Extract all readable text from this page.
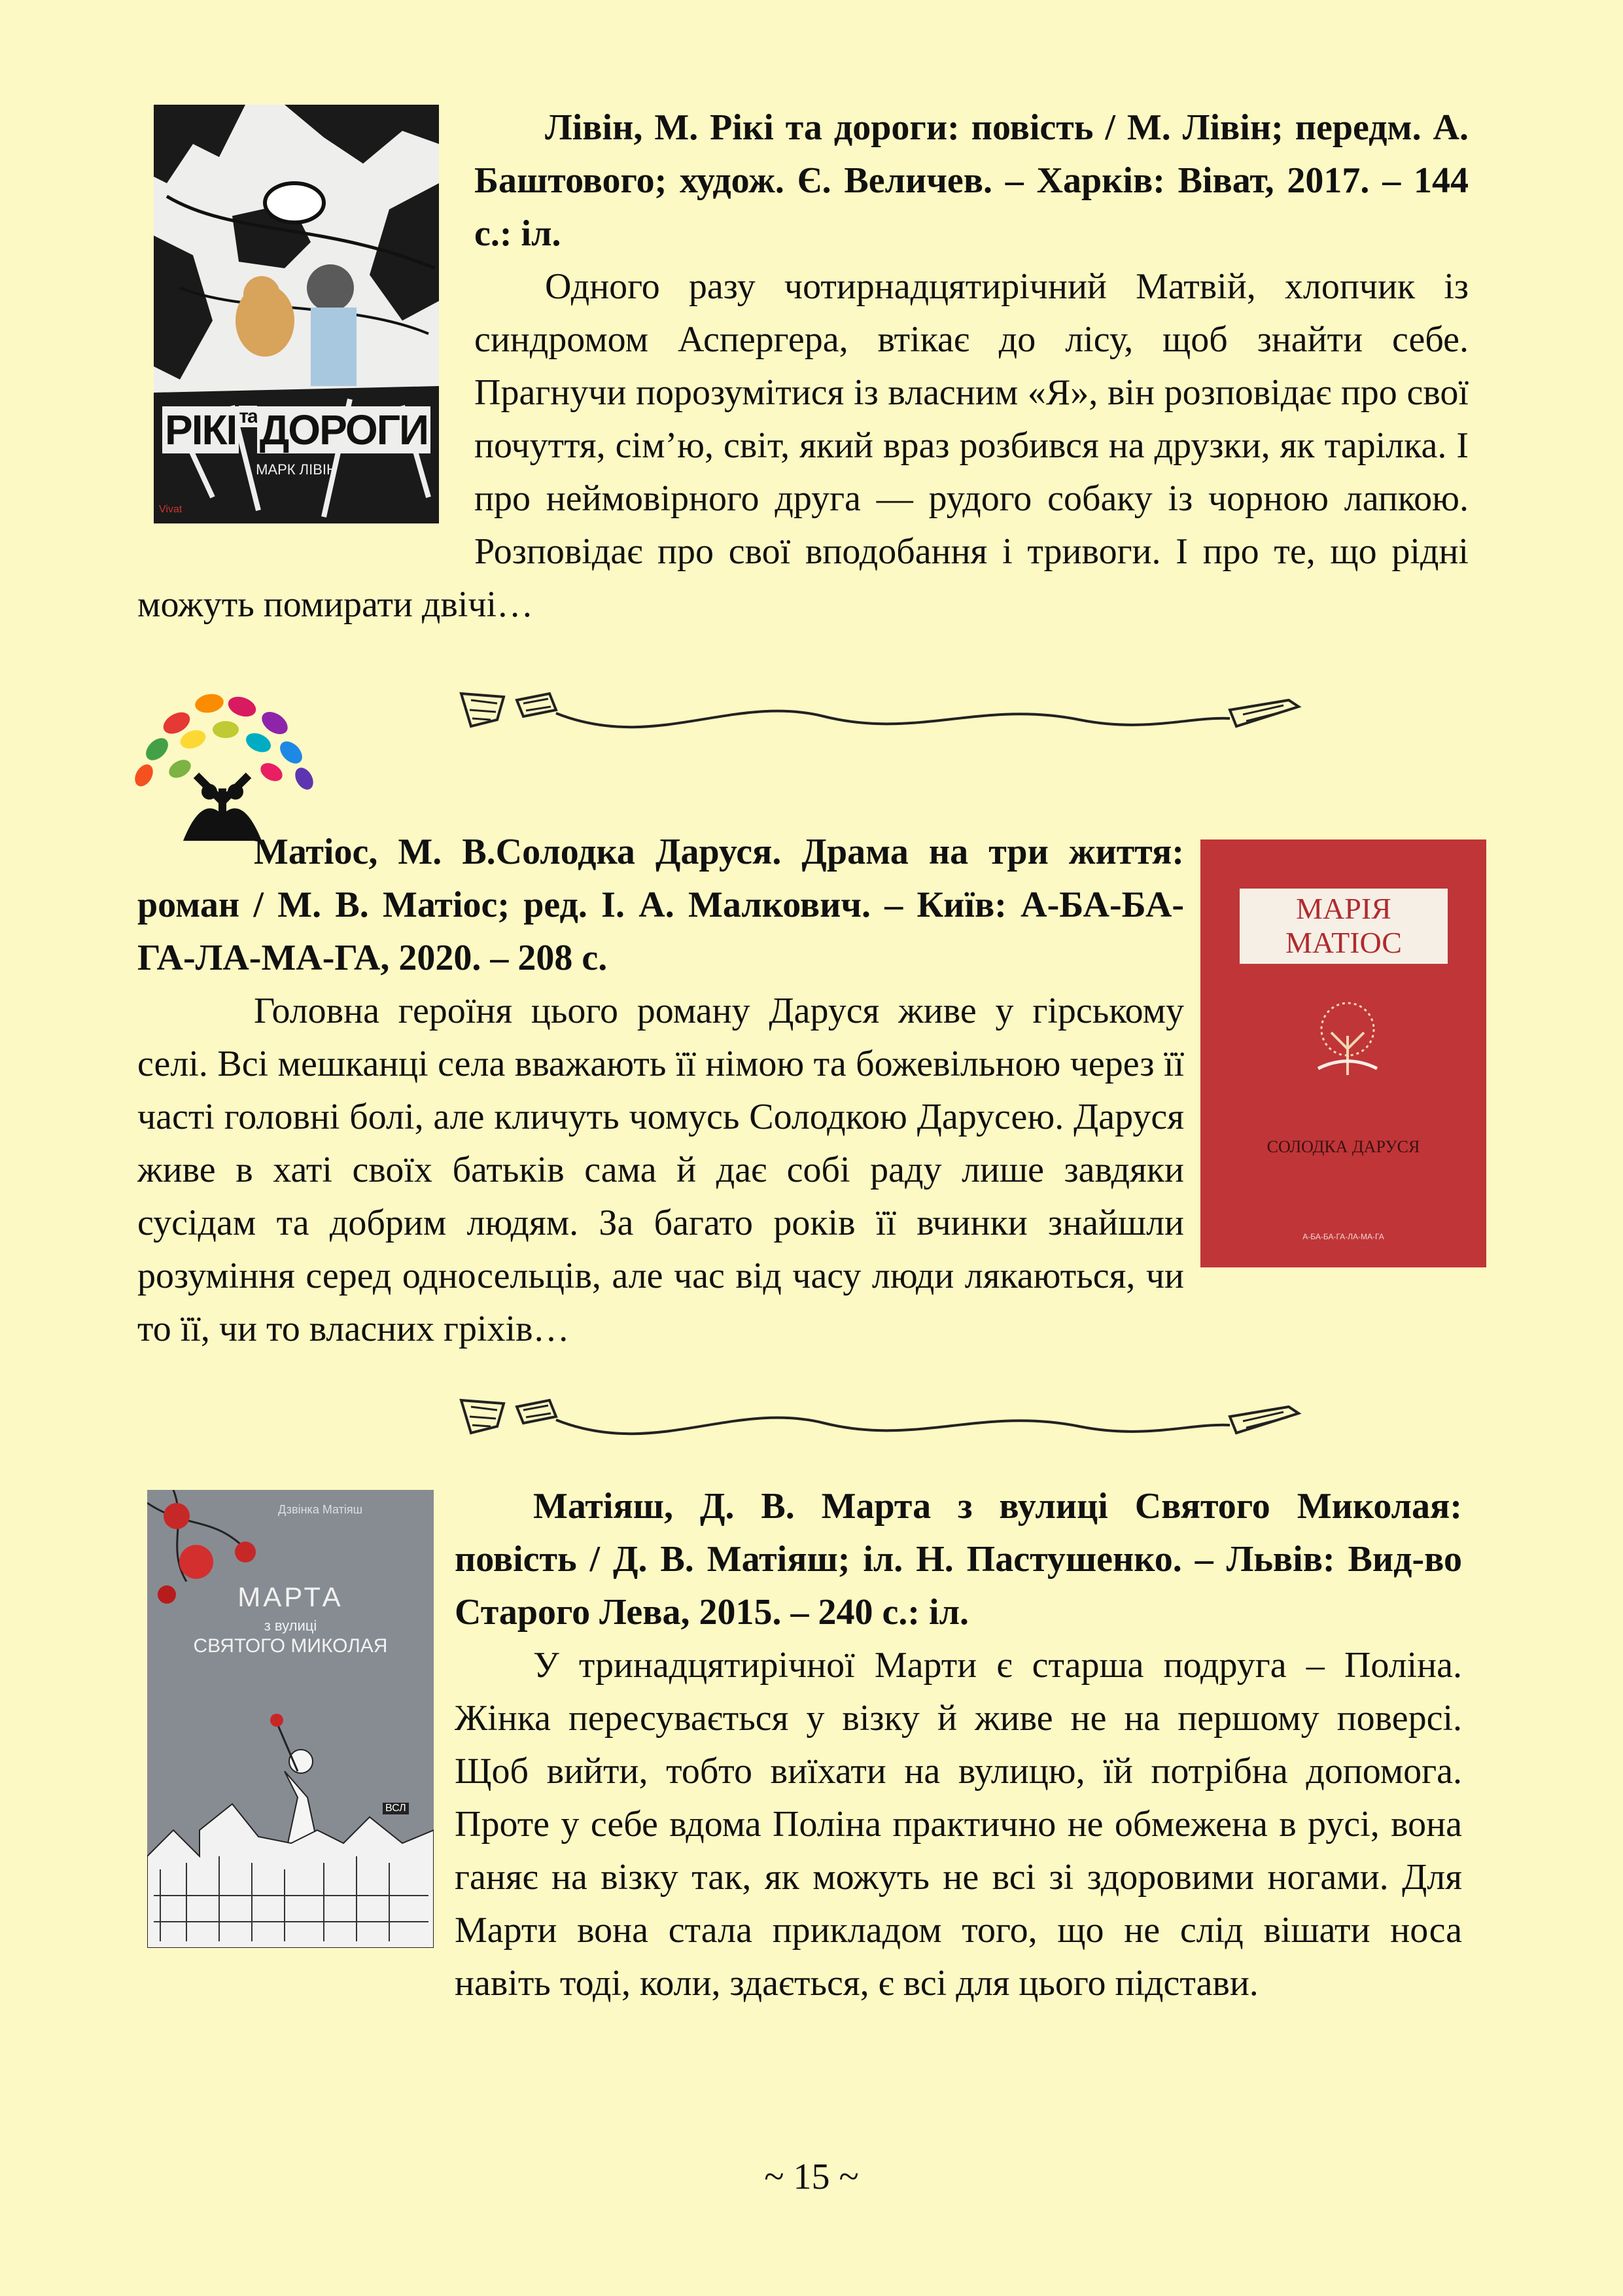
РІКІ $^{та}$ДОРОГИ
МАРК ЛІВІН
Vivat
Лівін, М. Рікі та дороги: повість / М. Лівін; передм. А. Баштового; худож. Є. Величев. – Харків: Віват, 2017. – 144 с.: іл.
Одного разу чотирнадцятирічний Матвій, хлопчик із синдромом Аспергера, втікає до лісу, щоб знайти себе. Прагнучи порозумітися із власним «Я», він розповідає про свої почуття, сім’ю, світ, який враз розбився на друзки, як тарілка. І про неймовірного друга — рудого собаку із чорною лапкою. Розповідає про свої вподобання і тривоги. І про те, що рідні можуть помирати двічі…
МАРІЯ
МАТІОС
СОЛОДКА ДАРУСЯ
А-БА-БА-ГА-ЛА-МА-ГА
Матіос, М. В.Солодка Даруся. Драма на три життя: роман / М. В. Матіос; ред. І. А. Малкович. – Київ: А-БА-БА-ГА-ЛА-МА-ГА, 2020. – 208 с.
Головна героїня цього роману Даруся живе у гірському селі. Всі мешканці села вважають її німою та божевільною через її часті головні болі, але кличуть чомусь Солодкою Дарусею. Даруся живе в хаті своїх батьків сама й дає собі раду лише завдяки сусідам та добрим людям. За багато років її вчинки знайшли розуміння серед односельців, але час від часу люди лякаються, чи то її, чи то власних гріхів…
Дзвінка Матіяш
МАРТА
з вулиці
СВЯТОГО МИКОЛАЯ
ВСЛ
Матіяш, Д. В. Марта з вулиці Святого Миколая: повість / Д. В. Матіяш; іл. Н. Пастушенко. – Львів: Вид-во Старого Лева, 2015. – 240 с.: іл.
У тринадцятирічної Марти є старша подруга – Поліна. Жінка пересувається у візку й живе не на першому поверсі. Щоб вийти, тобто виїхати на вулицю, їй потрібна допомога. Проте у себе вдома Поліна практично не обмежена в русі, вона ганяє на візку так, як можуть не всі зі здоровими ногами. Для Марти вона стала прикладом того, що не слід вішати носа навіть тоді, коли, здається, є всі для цього підстави.
~ 15 ~
